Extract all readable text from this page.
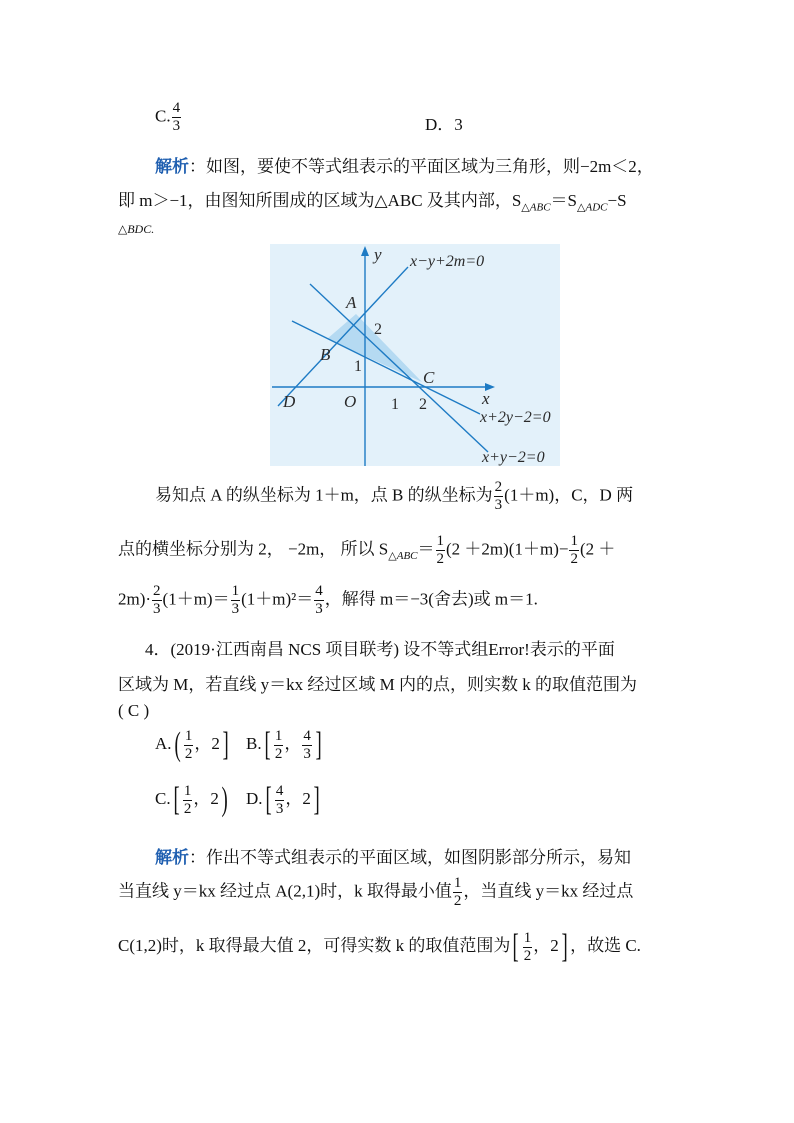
C. $\frac{4}{3}$	D．3
解析：如图，要使不等式组表示的平面区域为三角形，则−2m＜2，
即 m＞−1，由图知所围成的区域为△ABC 及其内部，$S_{\triangle ABC}=S_{\triangle ADC}-S$
△BDC.
y
x
x−y+2m=0
x+2y−2=0
x+y−2=0
A
B
C
D	O
1
2
1 2
易知点 A 的纵坐标为 1＋m，点 B 的纵坐标为 $\frac{2}{3} (1+m)$，C，D 两
点的横坐标分别为 2， −2m， 所以 $S_{\triangle ABC}= \frac{1}{2} (2 +2m)(1+m)- \frac{1}{2} (2$ ＋
$2m)\cdot \frac{2}{3} (1+m)= \frac{1}{3} (1+m)^2= \frac{4}{3}$ ，解得 m＝−3(舍去)或 m＝1.
4．(2019·江西南昌 NCS 项目联考) 设不等式组Error!表示的平面
区域为 M，若直线 y＝kx 经过区域 M 内的点，则实数 k 的取值范围为
( C )
$A.( \frac{1}{2}$ ，2] $B.[ \frac{1}{2}$ ， $\frac{4}{3}$ ]
$C.[ \frac{1}{2}$ ，2) $D.[ \frac{4}{3}$ ，2]
解析：作出不等式组表示的平面区域，如图阴影部分所示，易知
当直线 y＝kx 经过点 A(2,1)时，k 取得最小值 $\frac{1}{2}$ ，当直线 y＝kx 经过点
C(1,2)时，k 取得最大值 2，可得实数 k 的取值范围为[ $\frac{1}{2}$ ，2] ，故选 C.
